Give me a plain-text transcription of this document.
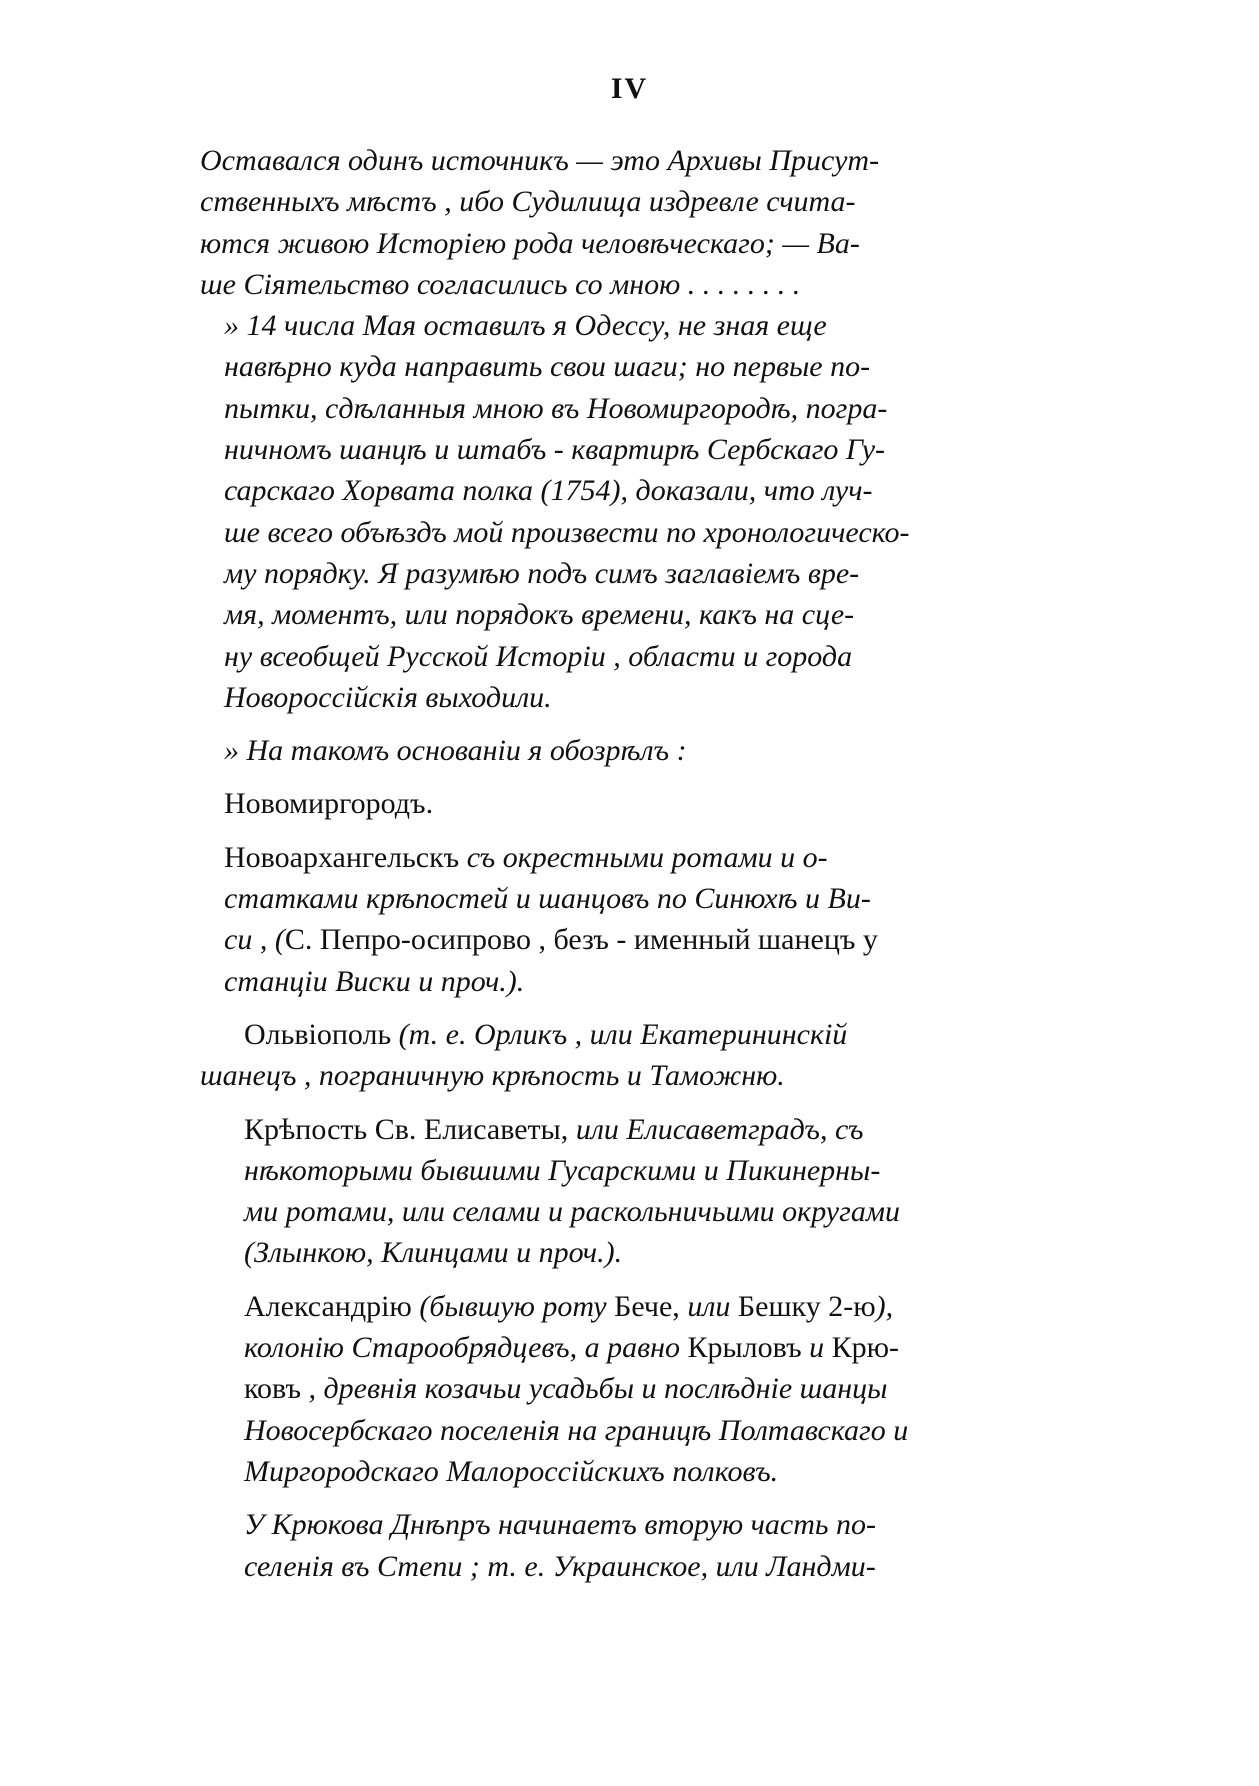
IV

Оставался одинъ источникъ — это Архивы Присут-
ственныхъ мѣстъ , ибо Судилища издревле счита-
ются живою Исторіею рода человѣческаго; — Ва-
ше Сіятельство согласились со мною . . . . . . . .

» 14 числа Мая оставилъ я Одессу, не зная еще
навѣрно куда направить свои шаги; но первые по-
пытки, сдѣланныя мною въ Новомиргородѣ, погра-
ничномъ шанцѣ и штабъ - квартирѣ Сербскаго Гу-
сарскаго Хорвата полка (1754), доказали, что луч-
ше всего объѣздъ мой произвести по хронологическо-
му порядку. Я разумѣю подъ симъ заглавіемъ вре-
мя, моментъ, или порядокъ времени, какъ на сце-
ну всеобщей Русской Исторіи , области и города
Новороссійскія выходили.

» На такомъ основаніи я обозрѣлъ :

Новомиргородъ.

Новоархангельскъ съ окрестными ротами и о-
статками крѣпостей и шанцовъ по Синюхѣ и Ви-
си , (С. Пепро-осипрово , безъ - именный шанецъ у
станціи Виски и проч.).

Ольвіополь (т. е. Орликъ , или Екатерининскій
шанецъ , пограничную крѣпость и Таможню.

Крѣпость Св. Елисаветы, или Елисаветградъ, съ
нѣкоторыми бывшими Гусарскими и Пикинерны-
ми ротами, или селами и раскольничьими округами
(Злынкою, Клинцами и проч.).

Александрію (бывшую роту Бече, или Бешку 2-ю),
колонію Старообрядцевъ, а равно Крыловъ и Крю-
ковъ , древнія козачьи усадьбы и послѣдніе шанцы
Новосербскаго поселенія на границѣ Полтавскаго и
Миргородскаго Малороссійскихъ полковъ.

У Крюкова Днѣпръ начинаетъ вторую часть по-
селенія въ Степи ; т. е. Украинское, или Ландми-
